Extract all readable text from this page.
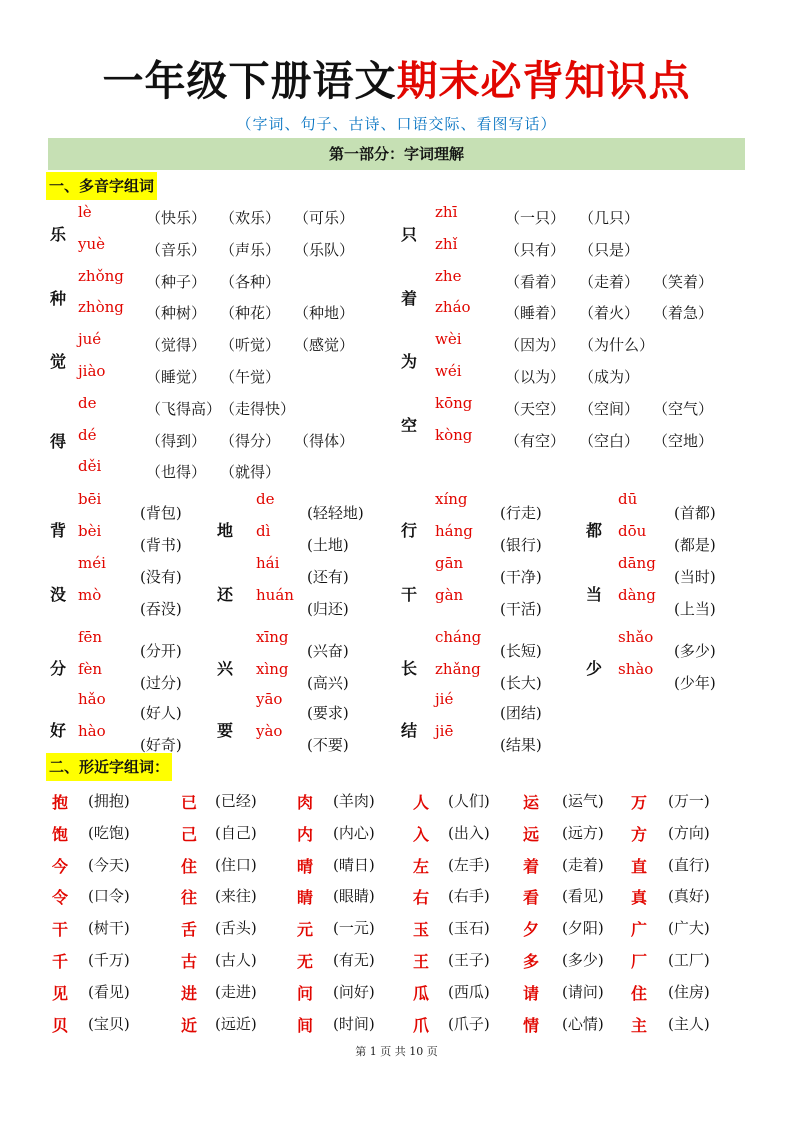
一年级下册语文期末必背知识点
（字词、句子、古诗、口语交际、看图写话）
第一部分：字词理解
一、多音字组词
二、形近字组词：
乐
lè	（快乐） （欢乐） （可乐）
yuè	（音乐） （声乐） （乐队）
只
zhī	（一只） （几只）
zhǐ	（只有） （只是）
种
zhǒng （种子） （各种）
zhòng （种树） （种花） （种地）
着
zhe	（看着） （走着） （笑着）
zháo （睡着） （着火） （着急）
觉
jué	（觉得） （听觉） （感觉）
jiào	（睡觉） （午觉）
为
wèi	（因为） （为什么）
wéi	（以为） （成为）
得
de	（飞得高）
（走得快）
dé	（得到） （得分） （得体）
děi	（也得） （就得）
空
kōng （天空） （空间） （空气）
kòng （有空） （空白） （空地）
背
bēi
(背包)
bèi
(背书)
地
de
(轻轻地)
dì
(土地)
行
xíng
(行走)
háng
(银行)
都
dū
(首都)
dōu
(都是)
没
méi
(没有)
mò
(吞没)
还
hái
(还有)
huán
(归还)
干
gān
(干净)
gàn
(干活)
当
dāng
(当时)
dàng
(上当)
分
fēn
(分开)
fèn
(过分)
兴
xīng
(兴奋)
xìng
(高兴)
长
cháng
(长短)
zhǎng
(长大)
少
shǎo
(多少)
shào
(少年)
好
hǎo
(好人)
hào
(好奇)
要
yāo
(要求)
yào
(不要)
结
jié
(团结)
jiē
(结果)
抱 (拥抱)	已 (已经)	肉 (羊肉) 人 (人们) 运 (运气) 万 (万一)
饱 (吃饱)	己 (自己)	内 (内心) 入 (出入) 远 (远方) 方 (方向)
今 (今天)	住 (住口)	晴 (晴日) 左 (左手) 着 (走着) 直 (直行)
令 (口令)	往 (来往)	睛 (眼睛) 右 (右手) 看 (看见) 真 (真好)
干 (树干)	舌 (舌头)	元 (一元) 玉 (玉石) 夕 (夕阳) 广 (广大)
千 (千万)	古 (古人)	无 (有无) 王 (王子) 多 (多少) 厂 (工厂)
见 (看见)	进 (走进)	问 (问好) 瓜 (西瓜) 请 (请问) 住 (住房)
贝 (宝贝)	近 (远近)	间 (时间) 爪 (爪子) 情 (心情) 主 (主人)
第 1 页 共 10 页
